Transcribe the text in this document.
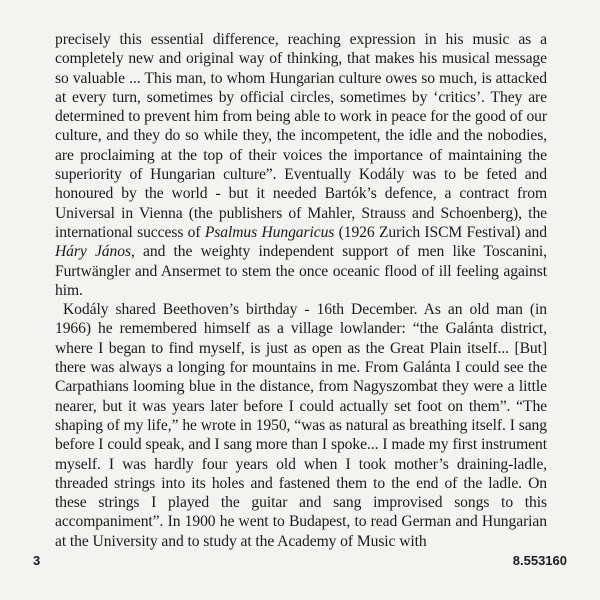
precisely this essential difference, reaching expression in his music as a completely new and original way of thinking, that makes his musical message so valuable ... This man, to whom Hungarian culture owes so much, is attacked at every turn, sometimes by official circles, sometimes by ‘critics’. They are determined to prevent him from being able to work in peace for the good of our culture, and they do so while they, the incompetent, the idle and the nobodies, are proclaiming at the top of their voices the importance of maintaining the superiority of Hungarian culture”. Eventually Kodály was to be feted and honoured by the world - but it needed Bartók’s defence, a contract from Universal in Vienna (the publishers of Mahler, Strauss and Schoenberg), the international success of Psalmus Hungaricus (1926 Zurich ISCM Festival) and Háry János, and the weighty independent support of men like Toscanini, Furtwängler and Ansermet to stem the once oceanic flood of ill feeling against him.

Kodály shared Beethoven’s birthday - 16th December. As an old man (in 1966) he remembered himself as a village lowlander: “the Galánta district, where I began to find myself, is just as open as the Great Plain itself... [But] there was always a longing for mountains in me. From Galánta I could see the Carpathians looming blue in the distance, from Nagyszombat they were a little nearer, but it was years later before I could actually set foot on them”. “The shaping of my life,” he wrote in 1950, “was as natural as breathing itself. I sang before I could speak, and I sang more than I spoke... I made my first instrument myself. I was hardly four years old when I took mother’s draining-ladle, threaded strings into its holes and fastened them to the end of the ladle. On these strings I played the guitar and sang improvised songs to this accompaniment”. In 1900 he went to Budapest, to read German and Hungarian at the University and to study at the Academy of Music with

3	8.553160
